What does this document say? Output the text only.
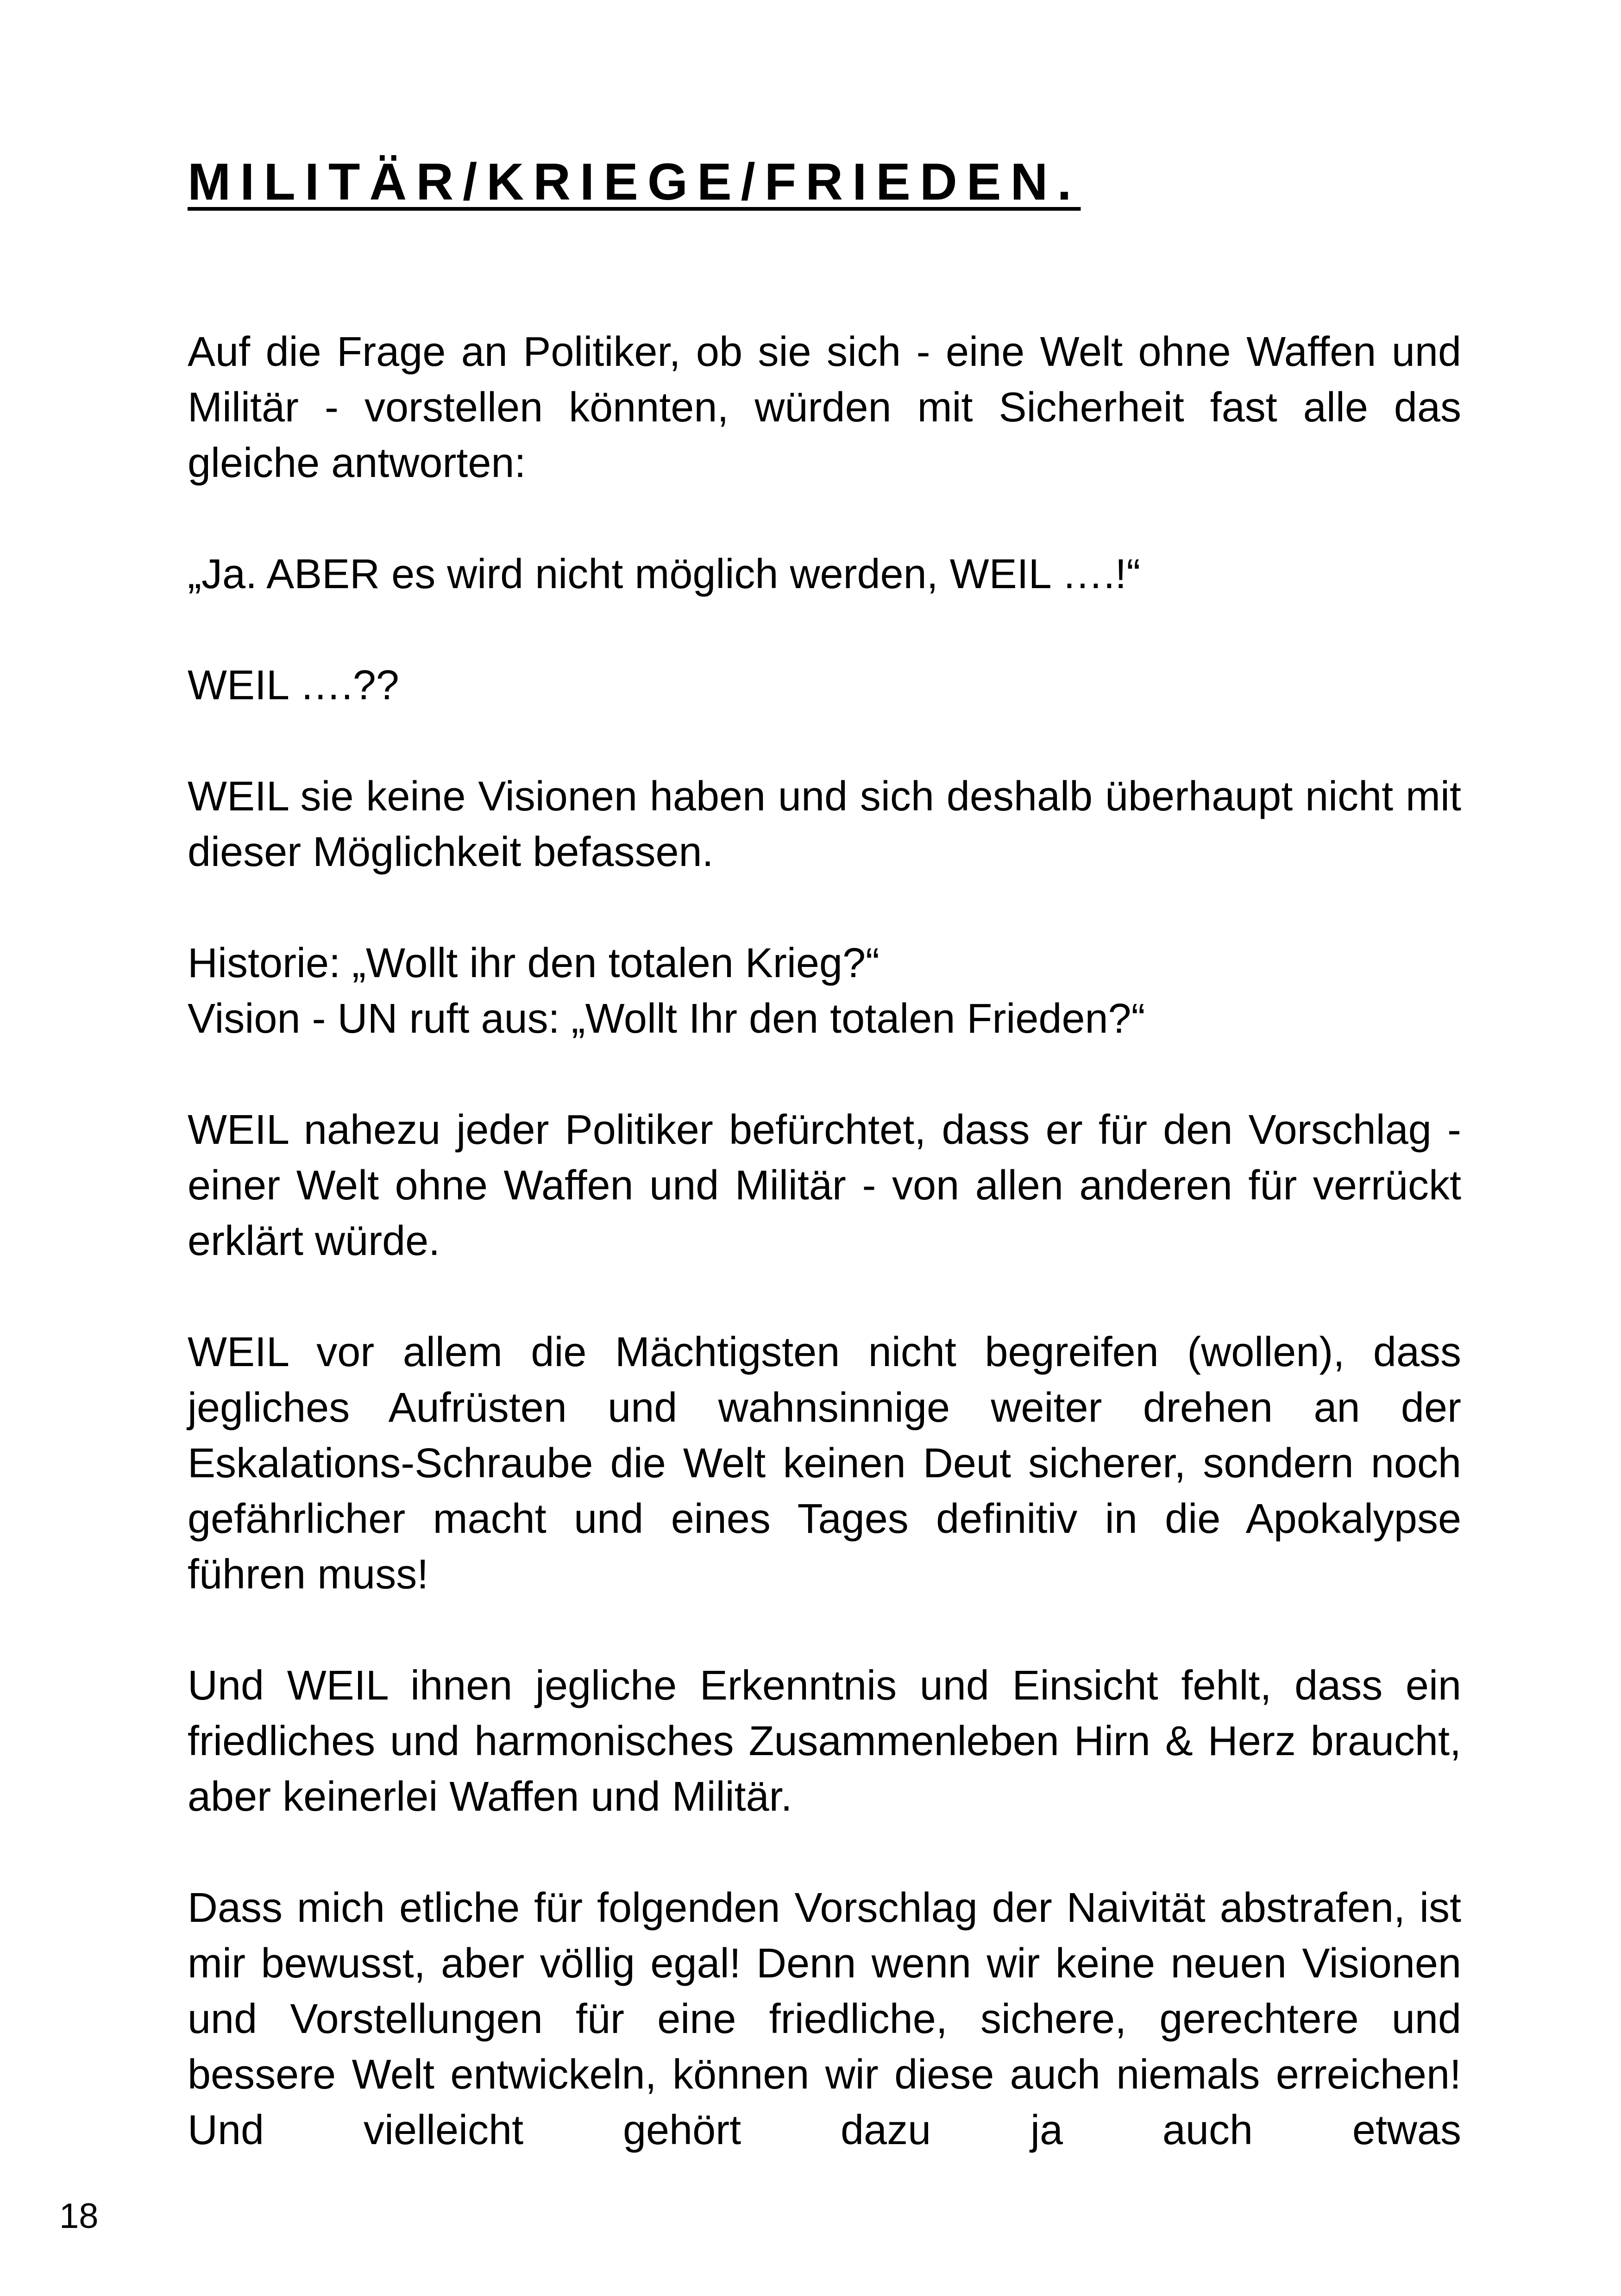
MILITÄR/KRIEGE/FRIEDEN.

Auf die Frage an Politiker, ob sie sich - eine Welt ohne Waffen und Militär - vorstellen könnten, würden mit Sicherheit fast alle das gleiche antworten:

„Ja. ABER es wird nicht möglich werden, WEIL ….!“

WEIL ….??

WEIL sie keine Visionen haben und sich deshalb überhaupt nicht mit dieser Möglichkeit befassen.

Historie: „Wollt ihr den totalen Krieg?“

Vision - UN ruft aus: „Wollt Ihr den totalen Frieden?“

WEIL nahezu jeder Politiker befürchtet, dass er für den Vorschlag - einer Welt ohne Waffen und Militär - von allen anderen für verrückt erklärt würde.

WEIL vor allem die Mächtigsten nicht begreifen (wollen), dass jegliches Aufrüsten und wahnsinnige weiter drehen an der Eskalations-Schraube die Welt keinen Deut sicherer, sondern noch gefährlicher macht und eines Tages definitiv in die Apokalypse führen muss!

Und WEIL ihnen jegliche Erkenntnis und Einsicht fehlt, dass ein friedliches und harmonisches Zusammenleben Hirn & Herz braucht, aber keinerlei Waffen und Militär.

Dass mich etliche für folgenden Vorschlag der Naivität abstrafen, ist mir bewusst, aber völlig egal! Denn wenn wir keine neuen Visionen und Vorstellungen für eine friedliche, sichere, gerechtere und bessere Welt entwickeln, können wir diese auch niemals erreichen! Und vielleicht gehört dazu ja auch etwas

18
